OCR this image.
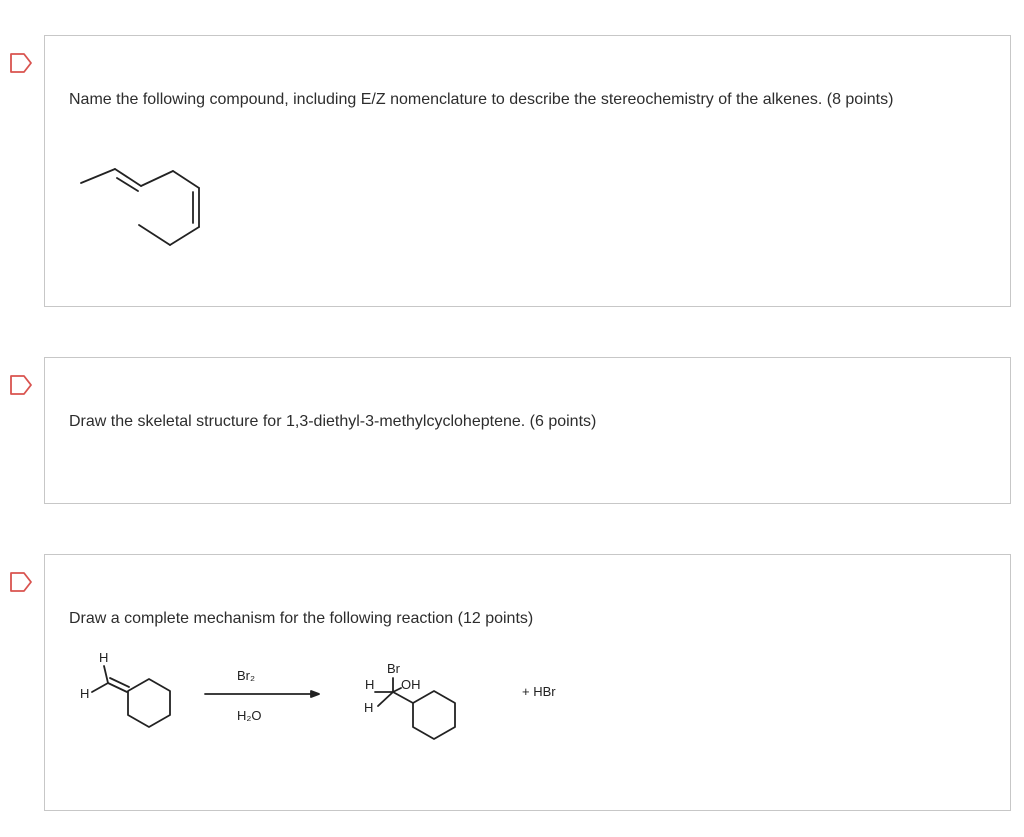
Name the following compound, including E/Z nomenclature to describe the stereochemistry of the alkenes. (8 points)
Draw the skeletal structure for 1,3-diethyl-3-methylcycloheptene. (6 points)
Draw a complete mechanism for the following reaction (12 points)
H
H
Br₂
H₂O
Br
H OH
H
+ HBr
